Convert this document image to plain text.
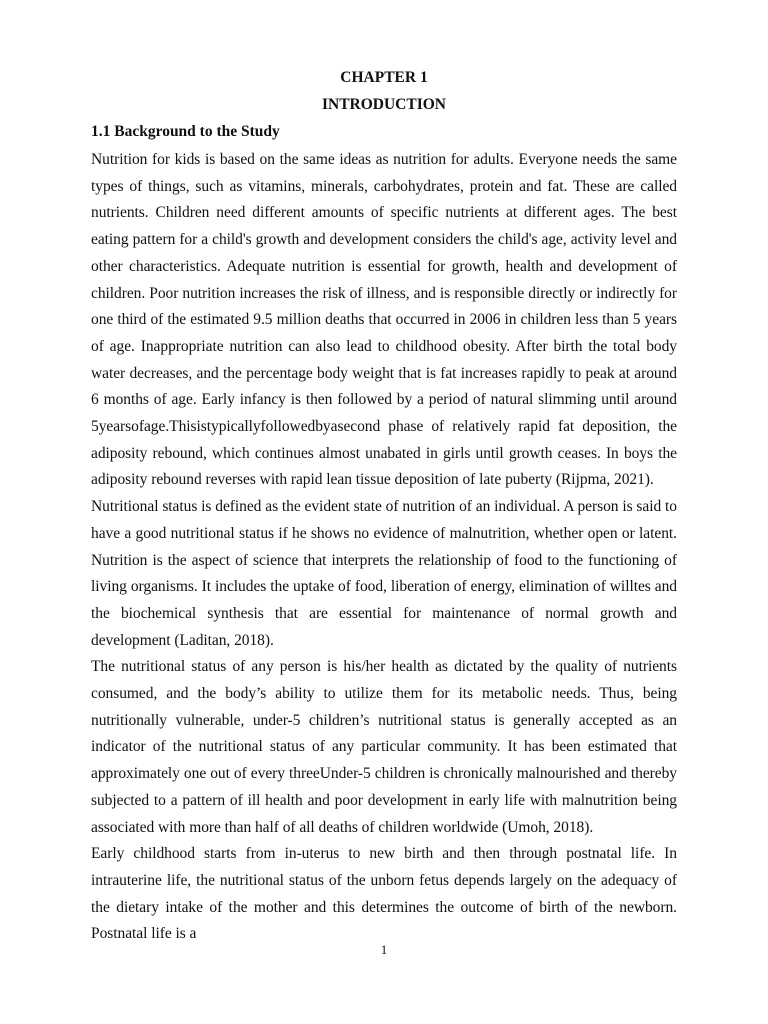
CHAPTER 1

INTRODUCTION

1.1 Background to the Study

Nutrition for kids is based on the same ideas as nutrition for adults. Everyone needs the same types of things, such as vitamins, minerals, carbohydrates, protein and fat. These are called nutrients. Children need different amounts of specific nutrients at different ages. The best eating pattern for a child's growth and development considers the child's age, activity level and other characteristics. Adequate nutrition is essential for growth, health and development of children. Poor nutrition increases the risk of illness, and is responsible directly or indirectly for one third of the estimated 9.5 million deaths that occurred in 2006 in children less than 5 years of age. Inappropriate nutrition can also lead to childhood obesity. After birth the total body water decreases, and the percentage body weight that is fat increases rapidly to peak at around 6 months of age. Early infancy is then followed by a period of natural slimming until around 5yearsofage.Thisistypicallyfollowedbyasecond phase of relatively rapid fat deposition, the adiposity rebound, which continues almost unabated in girls until growth ceases. In boys the adiposity rebound reverses with rapid lean tissue deposition of late puberty (Rijpma, 2021).

Nutritional status is defined as the evident state of nutrition of an individual. A person is said to have a good nutritional status if he shows no evidence of malnutrition, whether open or latent. Nutrition is the aspect of science that interprets the relationship of food to the functioning of living organisms. It includes the uptake of food, liberation of energy, elimination of willtes and the biochemical synthesis that are essential for maintenance of normal growth and development (Laditan, 2018).

The nutritional status of any person is his/her health as dictated by the quality of nutrients consumed, and the body’s ability to utilize them for its metabolic needs. Thus, being nutritionally vulnerable, under-5 children’s nutritional status is generally accepted as an indicator of the nutritional status of any particular community. It has been estimated that approximately one out of every threeUnder-5 children is chronically malnourished and thereby subjected to a pattern of ill health and poor development in early life with malnutrition being associated with more than half of all deaths of children worldwide (Umoh, 2018).

Early childhood starts from in-uterus to new birth and then through postnatal life. In intrauterine life, the nutritional status of the unborn fetus depends largely on the adequacy of the dietary intake of the mother and this determines the outcome of birth of the newborn. Postnatal life is a

1
